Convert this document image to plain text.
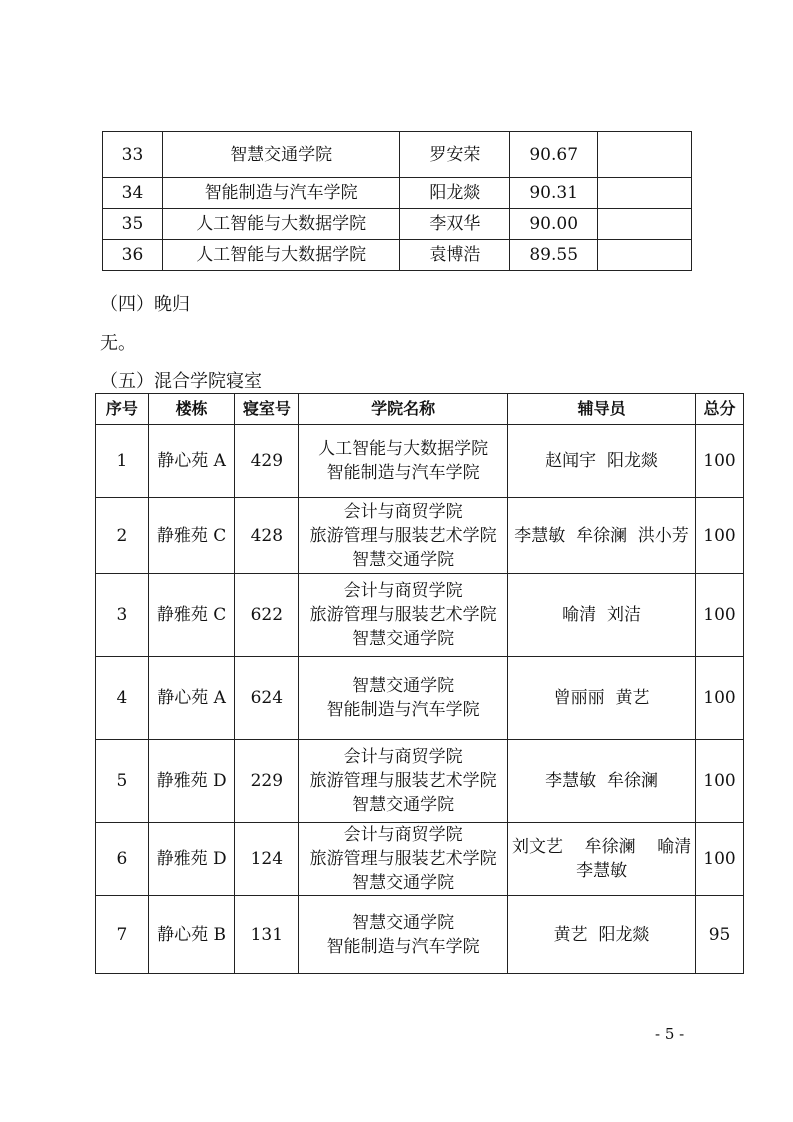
33	智慧交通学院	罗安荣	90.67	
34	智能制造与汽车学院	阳龙燚	90.31	
35	人工智能与大数据学院	李双华	90.00	
36	人工智能与大数据学院	袁博浩	89.55	
（四）晚归
无。
（五）混合学院寝室
序号	楼栋	寝室号	学院名称	辅导员	总分
1	静心苑 A	429	人工智能与大数据学院
智能制造与汽车学院	赵闻宇  阳龙燚	100
2	静雅苑 C	428	会计与商贸学院
旅游管理与服装艺术学院
智慧交通学院	李慧敏  牟徐澜  洪小芳	100
3	静雅苑 C	622	会计与商贸学院
旅游管理与服装艺术学院
智慧交通学院	喻清  刘洁	100
4	静心苑 A	624	智慧交通学院
智能制造与汽车学院	曾丽丽  黄艺	100
5	静雅苑 D	229	会计与商贸学院
旅游管理与服装艺术学院
智慧交通学院	李慧敏  牟徐澜	100
6	静雅苑 D	124	会计与商贸学院
旅游管理与服装艺术学院
智慧交通学院	刘文艺    牟徐澜    喻清
李慧敏	100
7	静心苑 B	131	智慧交通学院
智能制造与汽车学院	黄艺  阳龙燚	95
- 5 -
